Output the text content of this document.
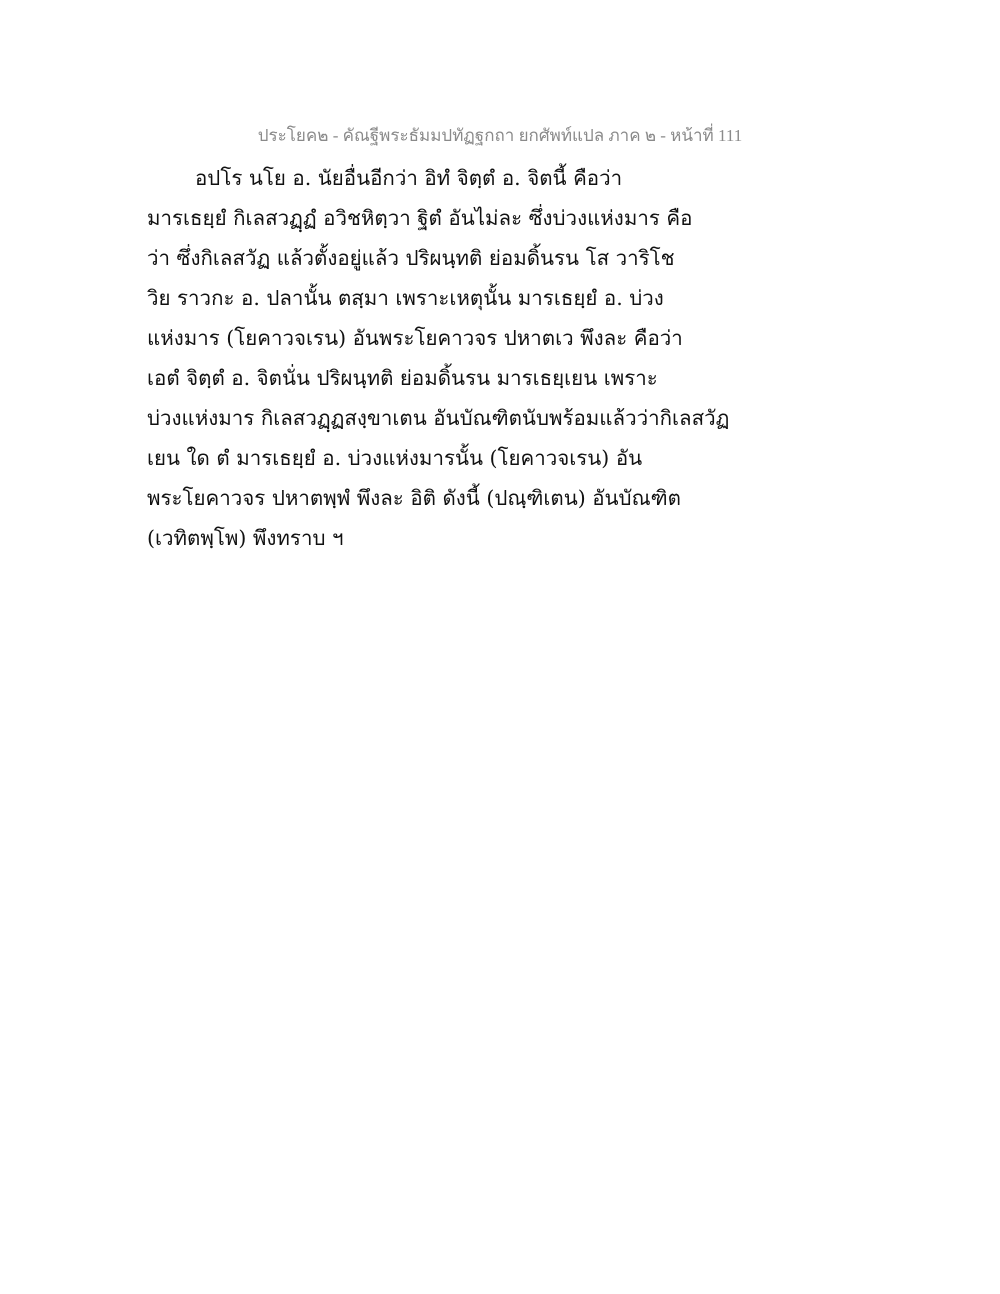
ประโยค๒ - คัณฐีพระธัมมปทัฏฐกถา ยกศัพท์แปล ภาค ๒ - หน้าที่ 111
อปโร นโย อ. นัยอื่นอีกว่า อิทํ จิตฺตํ อ. จิตนี้ คือว่า
มารเธยฺยํ กิเลสวฏฺฏํ อวิชหิตฺวา ฐิตํ อันไม่ละ ซึ่งบ่วงแห่งมาร คือ
ว่า ซึ่งกิเลสวัฏ แล้วตั้งอยู่แล้ว ปริผนฺทติ ย่อมดิ้นรน โส วาริโช
วิย ราวกะ อ. ปลานั้น ตสฺมา เพราะเหตุนั้น มารเธยฺยํ อ. บ่วง
แห่งมาร (โยคาวจเรน) อันพระโยคาวจร ปหาตเว พึงละ คือว่า
เอตํ จิตฺตํ อ. จิตนั่น ปริผนฺทติ ย่อมดิ้นรน มารเธยฺเยน เพราะ
บ่วงแห่งมาร กิเลสวฏฺฏสงฺขาเตน อันบัณฑิตนับพร้อมแล้วว่ากิเลสวัฏ
เยน ใด ตํ มารเธยฺยํ อ. บ่วงแห่งมารนั้น (โยคาวจเรน) อัน
พระโยคาวจร ปหาตพฺพํ พึงละ อิติ ดังนี้ (ปณฺฑิเตน) อันบัณฑิต
(เวทิตพฺโพ) พึงทราบ ฯ
